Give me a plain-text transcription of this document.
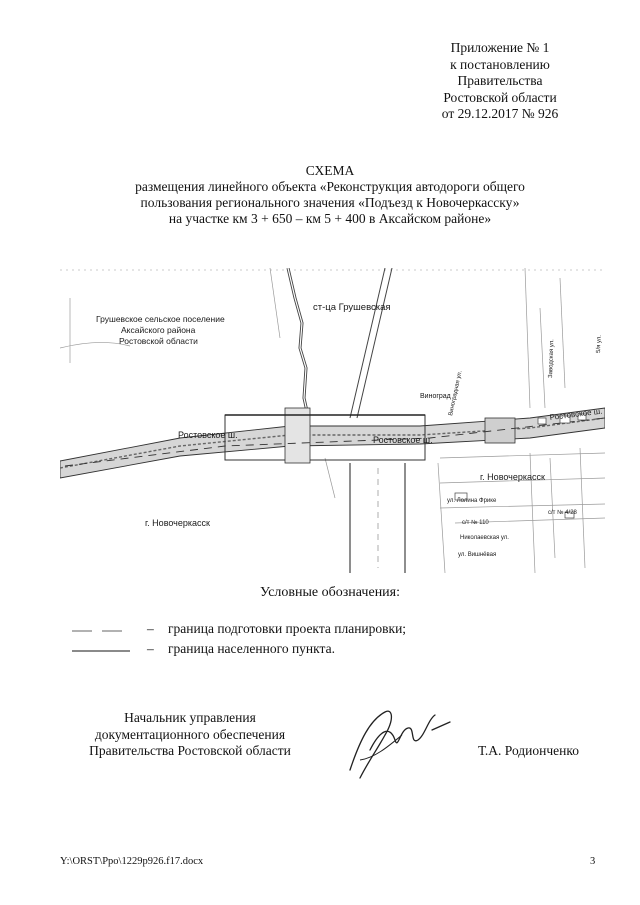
Приложение № 1
к постановлению
Правительства
Ростовской области
от 29.12.2017 № 926
СХЕМА
размещения линейного объекта «Реконструкция автодороги общего
пользования регионального значения «Подъезд к Новочеркасску»
на участке км 3 + 650 – км 5 + 400 в Аксайском районе»
Грушевское сельское поселение
Аксайского района
Ростовской области
ст-ца Грушевская
Виноград
Ростовское ш.	Ростовское ш.
Ростовское ш.
г. Новочеркасск
г. Новочеркасск
ул. Лолина Фрике
с/т № 110
с/т № 4/28
Николаевская ул.
ул. Вишнёвая
Виноградная ул.
Заводская ул.	5/я ул.
Условные обозначения:
– граница подготовки проекта планировки;
– граница населенного пункта.
Начальник управления
документационного обеспечения
Правительства Ростовской области	Т.А. Родионченко
Y:\ORST\Ppo\1229p926.f17.docx	3
